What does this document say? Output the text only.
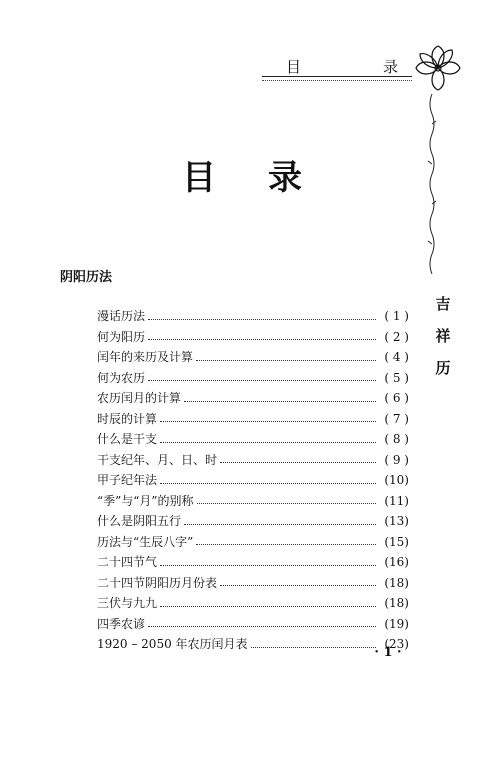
目	录
吉
祥
历
目 录
阴阳历法
漫话历法	( 1 )
何为阳历	( 2 )
闰年的来历及计算	( 4 )
何为农历	( 5 )
农历闰月的计算	( 6 )
时辰的计算	( 7 )
什么是干支	( 8 )
干支纪年、月、日、时	( 9 )
甲子纪年法	(10)
“季”与“月”的别称	(11)
什么是阴阳五行	(13)
历法与“生辰八字”	(15)
二十四节气	(16)
二十四节阴阳历月份表	(18)
三伏与九九	(18)
四季农谚	(19)
1920 – 2050 年农历闰月表	(23)
· 1 ·
